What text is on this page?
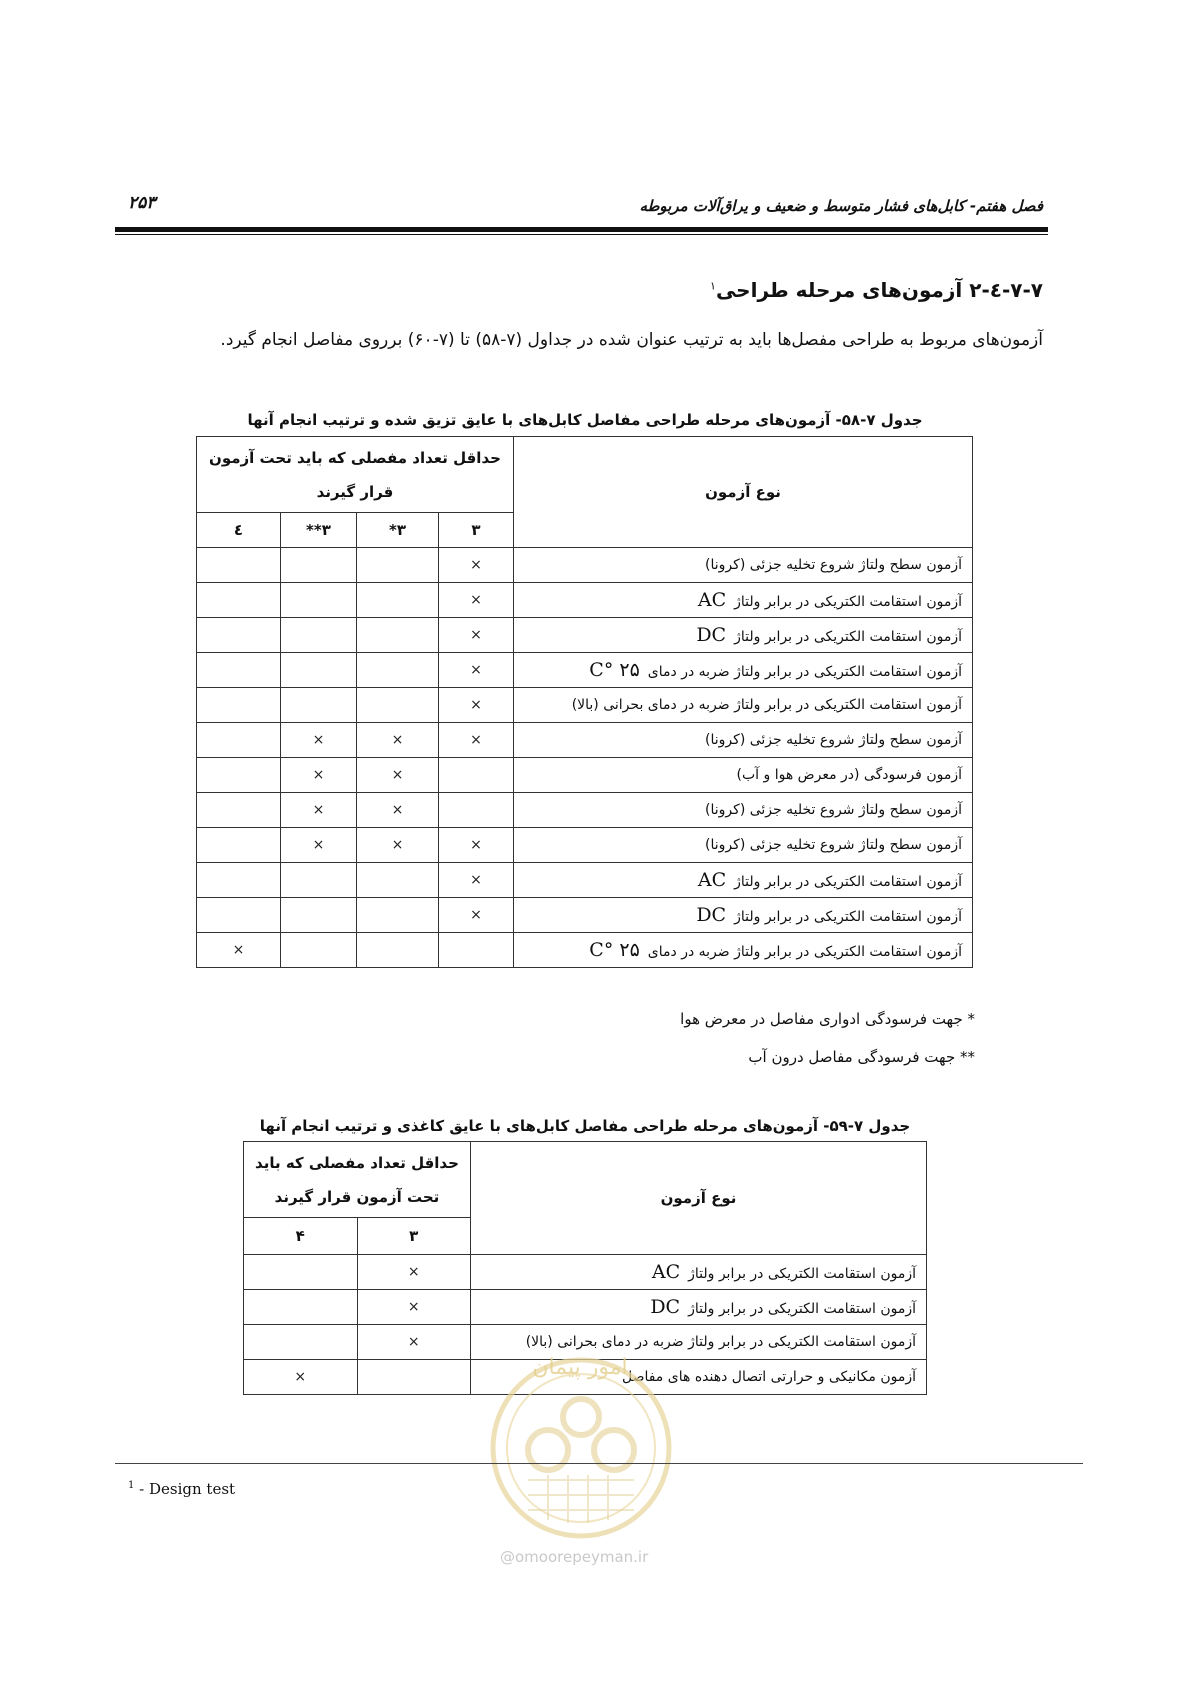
فصل هفتم- کابل‌های فشار متوسط و ضعیف و یراق‌آلات مربوطه
۲۵۳
۷-۷-٤-۲ آزمون‌های مرحله طراحی$^۱$
آزمون‌های مربوط به طراحی مفصل‌ها باید به ترتیب عنوان شده در جداول (۷-۵۸) تا (۷-۶۰) برروی مفاصل انجام گیرد.
جدول ۷-۵۸- آزمون‌های مرحله طراحی مفاصل کابل‌های با عایق تزیق شده و ترتیب انجام آنها
نوع آزمون	حداقل تعداد مفصلی که باید تحت آزمون
قرار گیرند			

	۳	۳*	۳**	٤
آزمون سطح ولتاژ شروع تخلیه جزئی (کرونا)	×			
آزمون استقامت الکتریکی در برابر ولتاژAC	×			
آزمون استقامت الکتریکی در برابر ولتاژDC	×			
آزمون استقامت الکتریکی در برابر ولتاژ ضربه در دمای۲۵ °C	×			
آزمون استقامت الکتریکی در برابر ولتاژ ضربه در دمای بحرانی (بالا)	×			
آزمون سطح ولتاژ شروع تخلیه جزئی (کرونا)	×	×	×	
آزمون فرسودگی (در معرض هوا و آب)		×	×	
آزمون سطح ولتاژ شروع تخلیه جزئی (کرونا)		×	×	
آزمون سطح ولتاژ شروع تخلیه جزئی (کرونا)	×	×	×	
آزمون استقامت الکتریکی در برابر ولتاژAC	×			
آزمون استقامت الکتریکی در برابر ولتاژDC	×			
آزمون استقامت الکتریکی در برابر ولتاژ ضربه در دمای۲۵ °C				×
* جهت فرسودگی ادواری مفاصل در معرض هوا
** جهت فرسودگی مفاصل درون آب
جدول ۷-۵۹- آزمون‌های مرحله طراحی مفاصل کابل‌های با عایق کاغذی و ترتیب انجام آنها
نوع آزمون	حداقل تعداد مفصلی که باید
تحت آزمون قرار گیرند	

	۳	۴
آزمون استقامت الکتریکی در برابر ولتاژAC	×	
آزمون استقامت الکتریکی در برابر ولتاژDC	×	
آزمون استقامت الکتریکی در برابر ولتاژ ضربه در دمای بحرانی (بالا)	×	
آزمون مکانیکی و حرارتی اتصال دهنده های مفاصل		×	امور پیمان
$^1$ - Design test
@omoorepeyman.ir
